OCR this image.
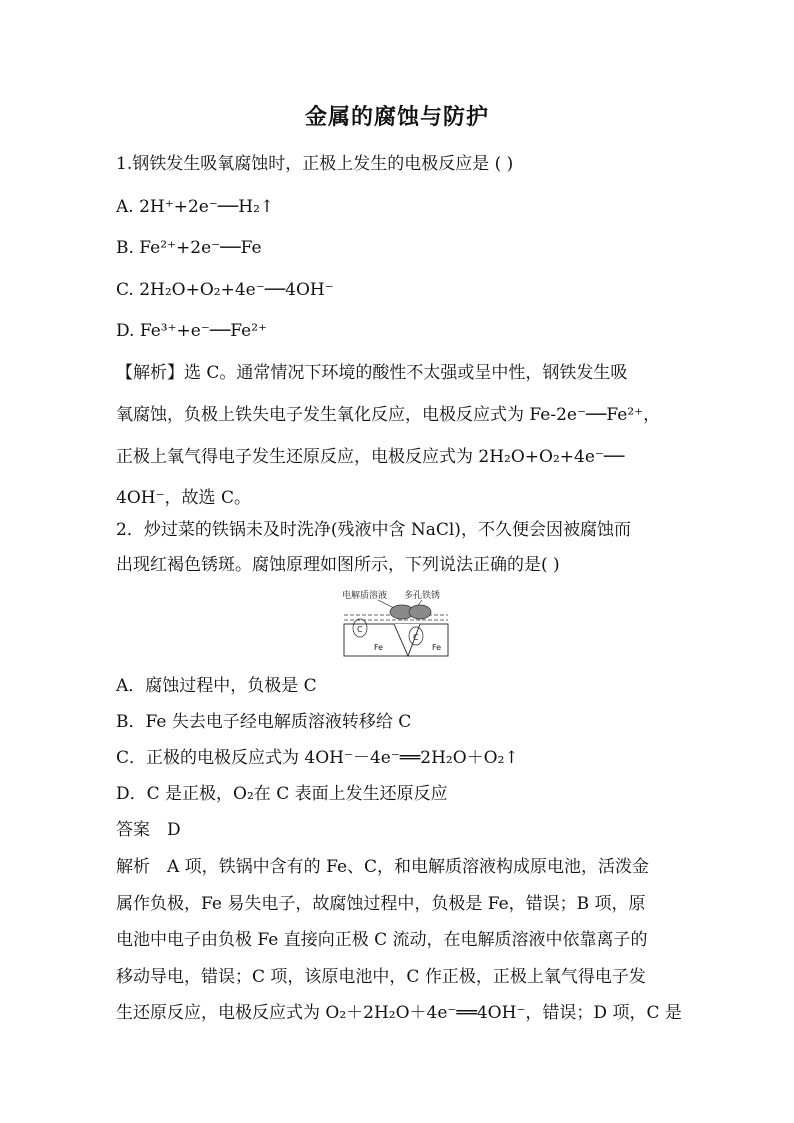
金属的腐蚀与防护
1.钢铁发生吸氧腐蚀时，正极上发生的电极反应是 ( )
A. 2H⁺+2e⁻──H₂↑
B. Fe²⁺+2e⁻──Fe
C. 2H₂O+O₂+4e⁻──4OH⁻
D. Fe³⁺+e⁻──Fe²⁺
【解析】选 C。通常情况下环境的酸性不太强或呈中性，钢铁发生吸
氧腐蚀，负极上铁失电子发生氧化反应，电极反应式为 Fe-2e⁻──Fe²⁺，
正极上氧气得电子发生还原反应，电极反应式为 2H₂O+O₂+4e⁻──
4OH⁻，故选 C。
2．炒过菜的铁锅未及时洗净(残液中含 NaCl)，不久便会因被腐蚀而
出现红褐色锈斑。腐蚀原理如图所示，下列说法正确的是( )
电解质溶液 多孔铁锈
C
C
Fe	Fe
A．腐蚀过程中，负极是 C
B．Fe 失去电子经电解质溶液转移给 C
C．正极的电极反应式为 4OH⁻－4e⁻══2H₂O＋O₂↑
D．C 是正极，O₂在 C 表面上发生还原反应
答案　D
解析　A 项，铁锅中含有的 Fe、C，和电解质溶液构成原电池，活泼金
属作负极，Fe 易失电子，故腐蚀过程中，负极是 Fe，错误；B 项，原
电池中电子由负极 Fe 直接向正极 C 流动，在电解质溶液中依靠离子的
移动导电，错误；C 项，该原电池中，C 作正极，正极上氧气得电子发
生还原反应，电极反应式为 O₂＋2H₂O＋4e⁻══4OH⁻，错误；D 项，C 是
